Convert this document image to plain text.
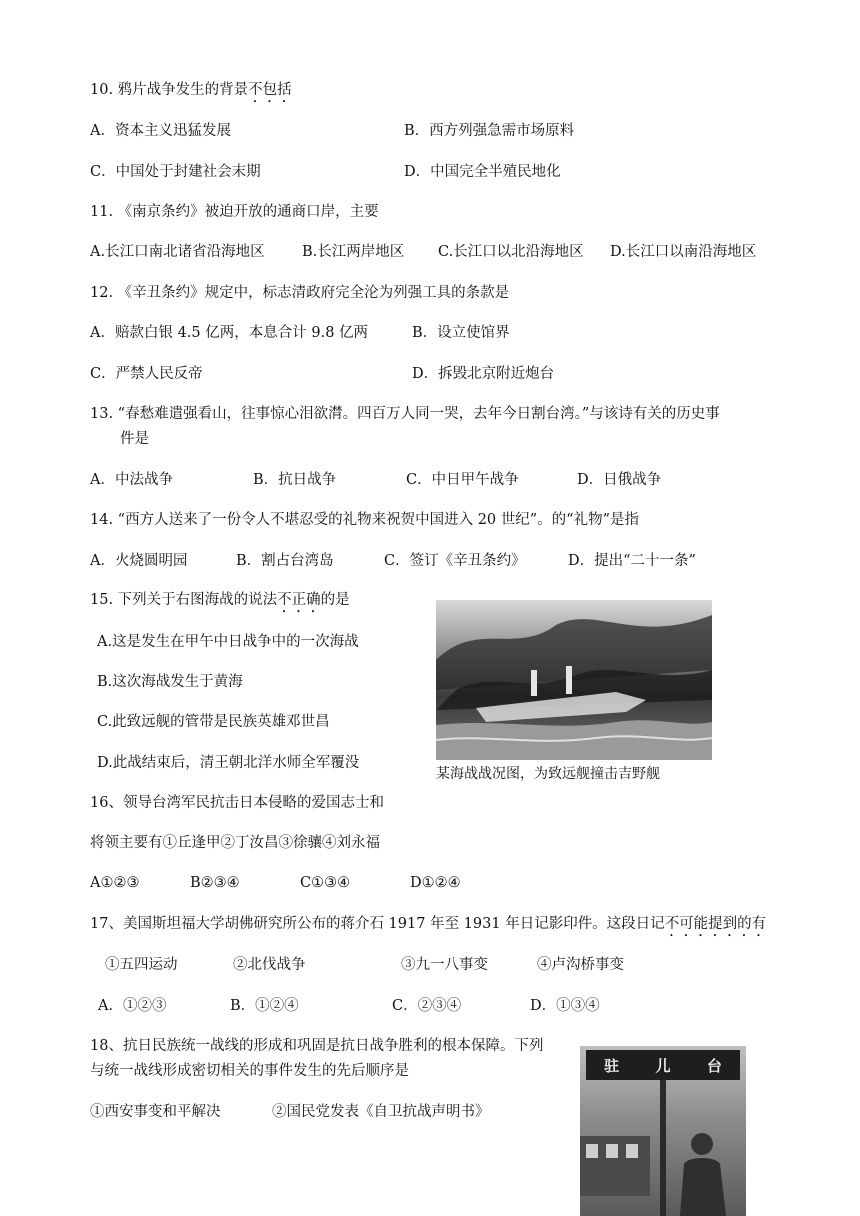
10. 鸦片战争发生的背景不包括
A．资本主义迅猛发展	B．西方列强急需市场原料
C．中国处于封建社会末期	D．中国完全半殖民地化
11. 《南京条约》被迫开放的通商口岸，主要
A.长江口南北诸省沿海地区	B.长江两岸地区 C.长江口以北沿海地区 D.长江口以南沿海地区
12. 《辛丑条约》规定中，标志清政府完全沦为列强工具的条款是
A．赔款白银 4.5 亿两，本息合计 9.8 亿两	B．设立使馆界
C．严禁人民反帝	D．拆毁北京附近炮台
13. “春愁难遣强看山，往事惊心泪欲潸。四百万人同一哭，去年今日割台湾。”与该诗有关的历史事
件是
A．中法战争	B．抗日战争	C．中日甲午战争	D．日俄战争
14. “西方人送来了一份令人不堪忍受的礼物来祝贺中国进入 20 世纪”。的“礼物”是指
A．火烧圆明园	B．割占台湾岛	C．签订《辛丑条约》	D．提出“二十一条”
15. 下列关于右图海战的说法不正确的是
A.这是发生在甲午中日战争中的一次海战
B.这次海战发生于黄海
C.此致远舰的管带是民族英雄邓世昌
D.此战结束后，清王朝北洋水师全军覆没
某海战战况图，为致远舰撞击吉野舰
16、领导台湾军民抗击日本侵略的爱国志士和
将领主要有①丘逢甲②丁汝昌③徐骧④刘永福
A①②③	B②③④	C①③④	D①②④
17、美国斯坦福大学胡佛研究所公布的蒋介石 1917 年至 1931 年日记影印件。这段日记不可能提到的有
①五四运动	②北伐战争	③九一八事变	④卢沟桥事变
A．①②③	B．①②④	C．②③④	D．①③④
18、抗日民族统一战线的形成和巩固是抗日战争胜利的根本保障。下列
与统一战线形成密切相关的事件发生的先后顺序是
①西安事变和平解决	②国民党发表《自卫抗战声明书》
驻 儿 台
